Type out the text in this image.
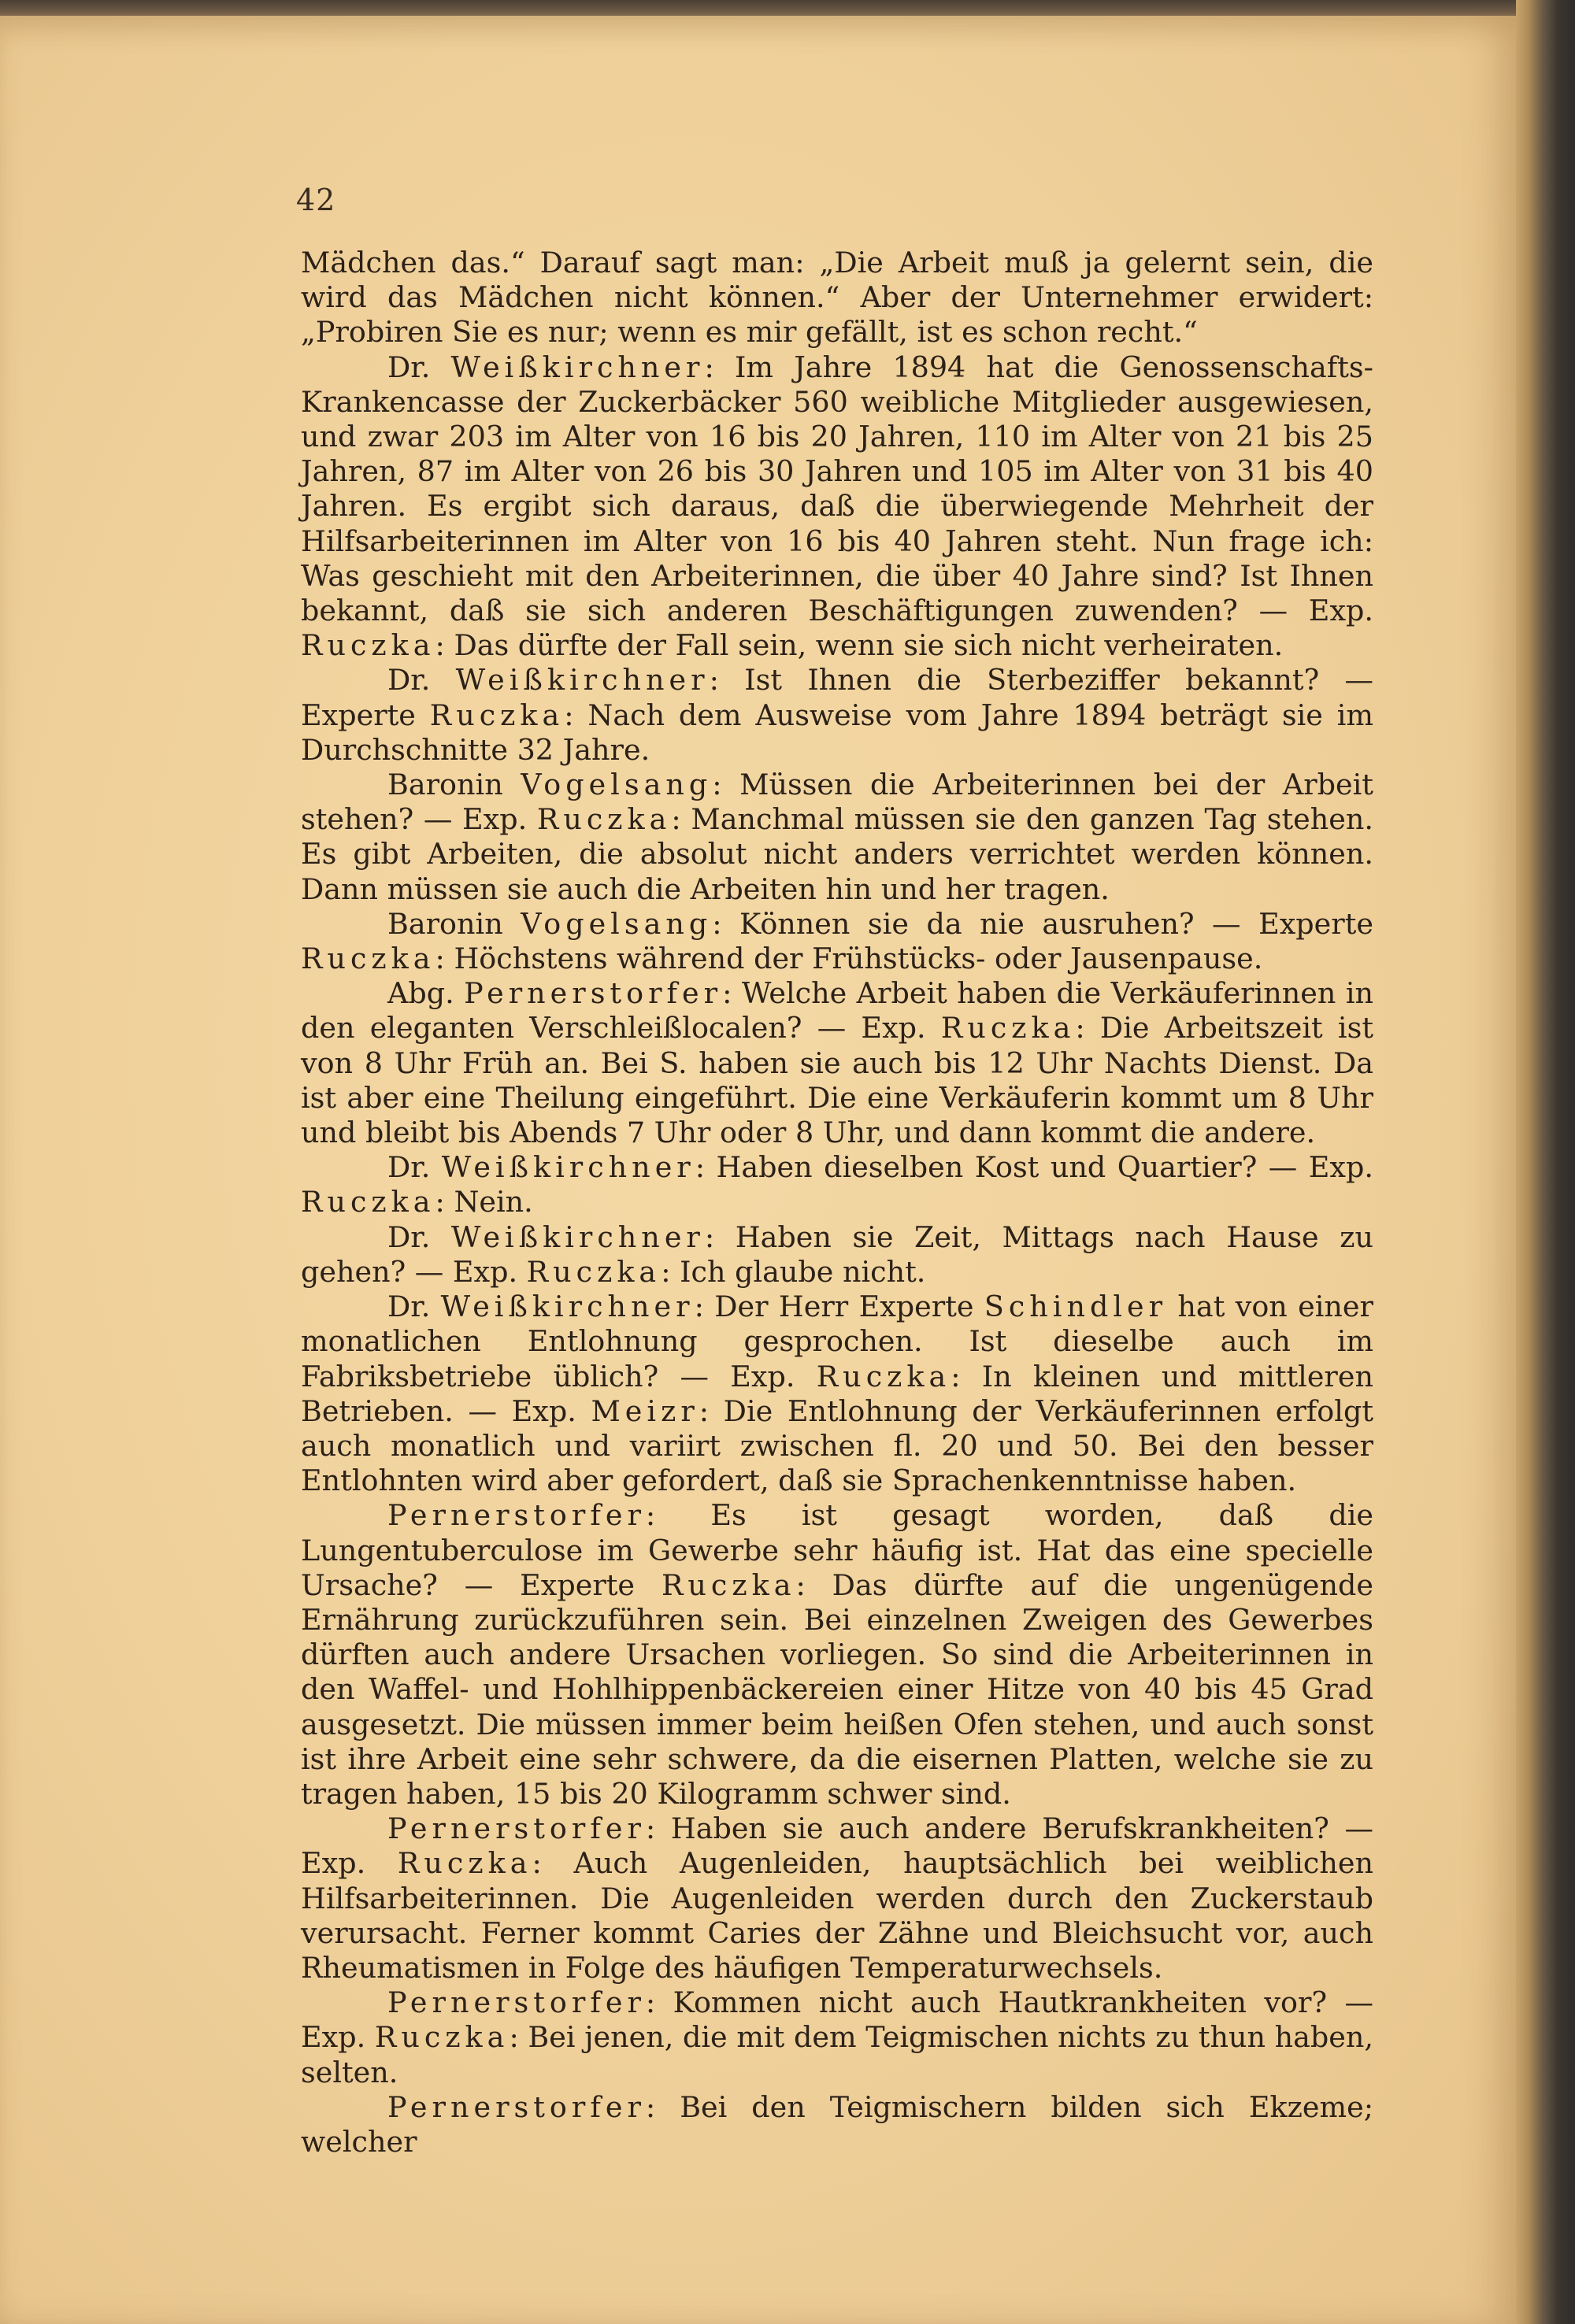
42

Mädchen das.“ Darauf sagt man: „Die Arbeit muß ja gelernt sein, die wird das Mädchen nicht können.“ Aber der Unternehmer erwidert: „Probiren Sie es nur; wenn es mir gefällt, ist es schon recht.“

Dr. Weißkirchner: Im Jahre 1894 hat die Genossenschafts-Krankencasse der Zuckerbäcker 560 weibliche Mitglieder ausgewiesen, und zwar 203 im Alter von 16 bis 20 Jahren, 110 im Alter von 21 bis 25 Jahren, 87 im Alter von 26 bis 30 Jahren und 105 im Alter von 31 bis 40 Jahren. Es ergibt sich daraus, daß die überwiegende Mehrheit der Hilfsarbeiterinnen im Alter von 16 bis 40 Jahren steht. Nun frage ich: Was geschieht mit den Arbeiterinnen, die über 40 Jahre sind? Ist Ihnen bekannt, daß sie sich anderen Beschäftigungen zuwenden? — Exp. Ruczka: Das dürfte der Fall sein, wenn sie sich nicht verheiraten.

Dr. Weißkirchner: Ist Ihnen die Sterbeziffer bekannt? — Experte Ruczka: Nach dem Ausweise vom Jahre 1894 beträgt sie im Durchschnitte 32 Jahre.

Baronin Vogelsang: Müssen die Arbeiterinnen bei der Arbeit stehen? — Exp. Ruczka: Manchmal müssen sie den ganzen Tag stehen. Es gibt Arbeiten, die absolut nicht anders verrichtet werden können. Dann müssen sie auch die Arbeiten hin und her tragen.

Baronin Vogelsang: Können sie da nie ausruhen? — Experte Ruczka: Höchstens während der Frühstücks- oder Jausenpause.

Abg. Pernerstorfer: Welche Arbeit haben die Verkäuferinnen in den eleganten Verschleißlocalen? — Exp. Ruczka: Die Arbeitszeit ist von 8 Uhr Früh an. Bei S. haben sie auch bis 12 Uhr Nachts Dienst. Da ist aber eine Theilung eingeführt. Die eine Verkäuferin kommt um 8 Uhr und bleibt bis Abends 7 Uhr oder 8 Uhr, und dann kommt die andere.

Dr. Weißkirchner: Haben dieselben Kost und Quartier? — Exp. Ruczka: Nein.

Dr. Weißkirchner: Haben sie Zeit, Mittags nach Hause zu gehen? — Exp. Ruczka: Ich glaube nicht.

Dr. Weißkirchner: Der Herr Experte Schindler hat von einer monatlichen Entlohnung gesprochen. Ist dieselbe auch im Fabriksbetriebe üblich? — Exp. Ruczka: In kleinen und mittleren Betrieben. — Exp. Meizr: Die Entlohnung der Verkäuferinnen erfolgt auch monatlich und variirt zwischen fl. 20 und 50. Bei den besser Entlohnten wird aber gefordert, daß sie Sprachenkenntnisse haben.

Pernerstorfer: Es ist gesagt worden, daß die Lungentuberculose im Gewerbe sehr häufig ist. Hat das eine specielle Ursache? — Experte Ruczka: Das dürfte auf die ungenügende Ernährung zurückzuführen sein. Bei einzelnen Zweigen des Gewerbes dürften auch andere Ursachen vorliegen. So sind die Arbeiterinnen in den Waffel- und Hohlhippenbäckereien einer Hitze von 40 bis 45 Grad ausgesetzt. Die müssen immer beim heißen Ofen stehen, und auch sonst ist ihre Arbeit eine sehr schwere, da die eisernen Platten, welche sie zu tragen haben, 15 bis 20 Kilogramm schwer sind.

Pernerstorfer: Haben sie auch andere Berufskrankheiten? — Exp. Ruczka: Auch Augenleiden, hauptsächlich bei weiblichen Hilfsarbeiterinnen. Die Augenleiden werden durch den Zuckerstaub verursacht. Ferner kommt Caries der Zähne und Bleichsucht vor, auch Rheumatismen in Folge des häufigen Temperaturwechsels.

Pernerstorfer: Kommen nicht auch Hautkrankheiten vor? — Exp. Ruczka: Bei jenen, die mit dem Teigmischen nichts zu thun haben, selten.

Pernerstorfer: Bei den Teigmischern bilden sich Ekzeme; welcher
